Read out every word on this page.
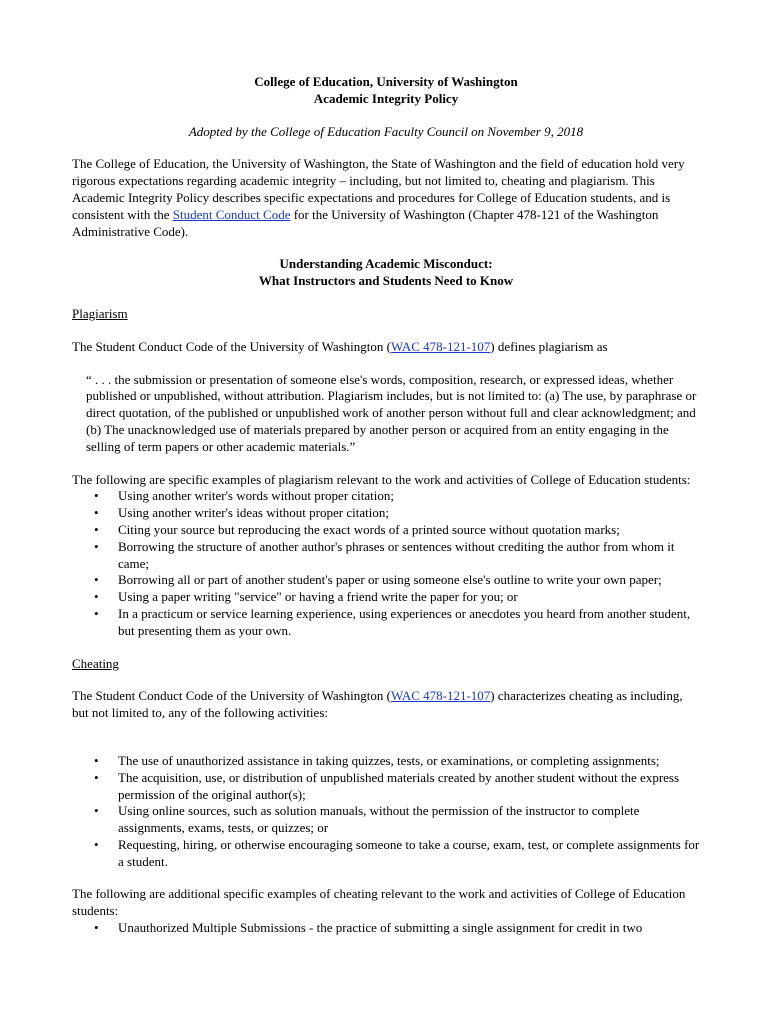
College of Education, University of Washington

Academic Integrity Policy

Adopted by the College of Education Faculty Council on November 9, 2018

The College of Education, the University of Washington, the State of Washington and the field of education hold very rigorous expectations regarding academic integrity – including, but not limited to, cheating and plagiarism. This Academic Integrity Policy describes specific expectations and procedures for College of Education students, and is consistent with the Student Conduct Code for the University of Washington (Chapter 478-121 of the Washington Administrative Code).

Understanding Academic Misconduct:

What Instructors and Students Need to Know

Plagiarism

The Student Conduct Code of the University of Washington (WAC 478-121-107) defines plagiarism as

“ . . . the submission or presentation of someone else's words, composition, research, or expressed ideas, whether published or unpublished, without attribution. Plagiarism includes, but is not limited to: (a) The use, by paraphrase or direct quotation, of the published or unpublished work of another person without full and clear acknowledgment; and (b) The unacknowledged use of materials prepared by another person or acquired from an entity engaging in the selling of term papers or other academic materials.”

The following are specific examples of plagiarism relevant to the work and activities of College of Education students:

• Using another writer's words without proper citation;
• Using another writer's ideas without proper citation;
• Citing your source but reproducing the exact words of a printed source without quotation marks;
• Borrowing the structure of another author's phrases or sentences without crediting the author from whom it came;
• Borrowing all or part of another student's paper or using someone else's outline to write your own paper;
• Using a paper writing "service" or having a friend write the paper for you; or
• In a practicum or service learning experience, using experiences or anecdotes you heard from another student, but presenting them as your own.

Cheating

The Student Conduct Code of the University of Washington (WAC 478-121-107) characterizes cheating as including, but not limited to, any of the following activities:

• The use of unauthorized assistance in taking quizzes, tests, or examinations, or completing assignments;
• The acquisition, use, or distribution of unpublished materials created by another student without the express permission of the original author(s);
• Using online sources, such as solution manuals, without the permission of the instructor to complete assignments, exams, tests, or quizzes; or
• Requesting, hiring, or otherwise encouraging someone to take a course, exam, test, or complete assignments for a student.

The following are additional specific examples of cheating relevant to the work and activities of College of Education students:

• Unauthorized Multiple Submissions - the practice of submitting a single assignment for credit in two
